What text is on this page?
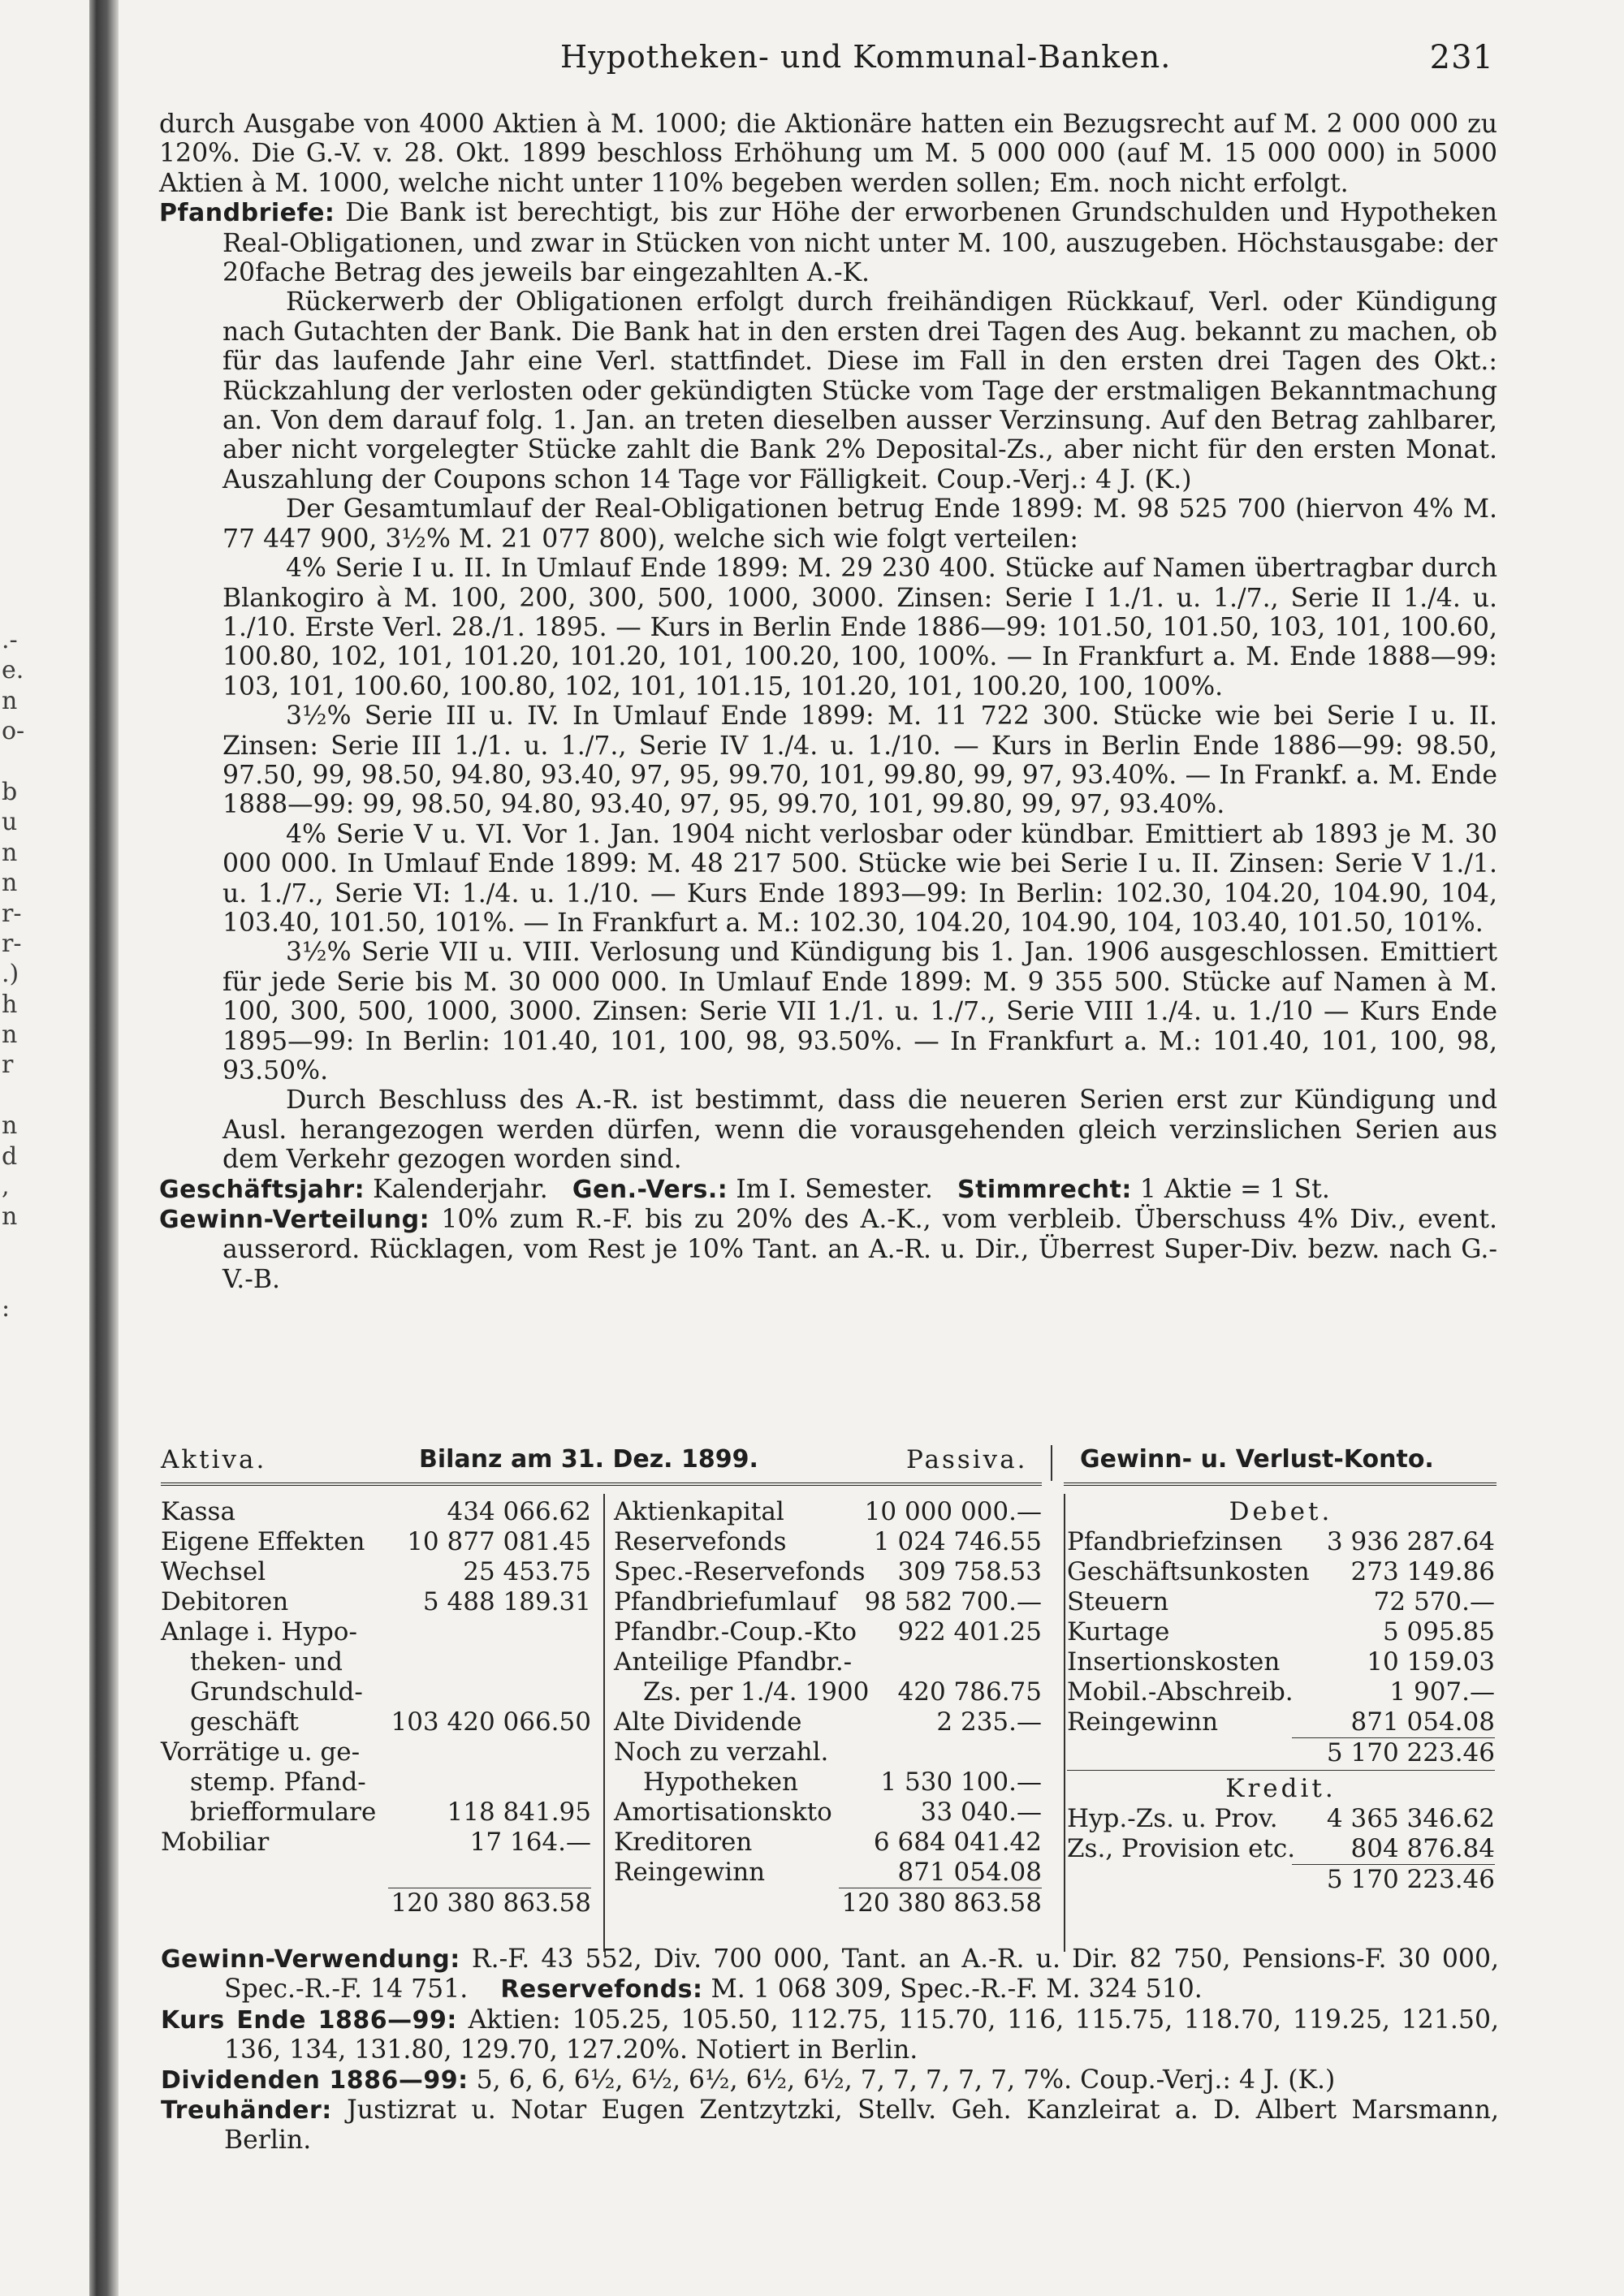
.-
e.
n
o-
b
u
n
n
r-
r-
.)
h
n
r
n
d
,
n
:
Hypotheken- und Kommunal-Banken.	231

durch Ausgabe von 4000 Aktien à M. 1000; die Aktionäre hatten ein Bezugsrecht auf M. 2 000 000 zu 120%. Die G.-V. v. 28. Okt. 1899 beschloss Erhöhung um M. 5 000 000 (auf M. 15 000 000) in 5000 Aktien à M. 1000, welche nicht unter 110% begeben werden sollen; Em. noch nicht erfolgt.

Pfandbriefe: Die Bank ist berechtigt, bis zur Höhe der erworbenen Grundschulden und Hypotheken Real-Obligationen, und zwar in Stücken von nicht unter M. 100, auszugeben. Höchstausgabe: der 20fache Betrag des jeweils bar eingezahlten A.-K.

Rückerwerb der Obligationen erfolgt durch freihändigen Rückkauf, Verl. oder Kündigung nach Gutachten der Bank. Die Bank hat in den ersten drei Tagen des Aug. bekannt zu machen, ob für das laufende Jahr eine Verl. stattfindet. Diese im Fall in den ersten drei Tagen des Okt.: Rückzahlung der verlosten oder gekündigten Stücke vom Tage der erstmaligen Bekanntmachung an. Von dem darauf folg. 1. Jan. an treten dieselben ausser Verzinsung. Auf den Betrag zahlbarer, aber nicht vorgelegter Stücke zahlt die Bank 2% Deposital-Zs., aber nicht für den ersten Monat. Auszahlung der Coupons schon 14 Tage vor Fälligkeit. Coup.-Verj.: 4 J. (K.)

Der Gesamtumlauf der Real-Obligationen betrug Ende 1899: M. 98 525 700 (hiervon 4% M. 77 447 900, 3½% M. 21 077 800), welche sich wie folgt verteilen:

4% Serie I u. II. In Umlauf Ende 1899: M. 29 230 400. Stücke auf Namen übertragbar durch Blankogiro à M. 100, 200, 300, 500, 1000, 3000. Zinsen: Serie I 1./1. u. 1./7., Serie II 1./4. u. 1./10. Erste Verl. 28./1. 1895. — Kurs in Berlin Ende 1886—99: 101.50, 101.50, 103, 101, 100.60, 100.80, 102, 101, 101.20, 101.20, 101, 100.20, 100, 100%. — In Frankfurt a. M. Ende 1888—99: 103, 101, 100.60, 100.80, 102, 101, 101.15, 101.20, 101, 100.20, 100, 100%.

3½% Serie III u. IV. In Umlauf Ende 1899: M. 11 722 300. Stücke wie bei Serie I u. II. Zinsen: Serie III 1./1. u. 1./7., Serie IV 1./4. u. 1./10. — Kurs in Berlin Ende 1886—99: 98.50, 97.50, 99, 98.50, 94.80, 93.40, 97, 95, 99.70, 101, 99.80, 99, 97, 93.40%. — In Frankf. a. M. Ende 1888—99: 99, 98.50, 94.80, 93.40, 97, 95, 99.70, 101, 99.80, 99, 97, 93.40%.

4% Serie V u. VI. Vor 1. Jan. 1904 nicht verlosbar oder kündbar. Emittiert ab 1893 je M. 30 000 000. In Umlauf Ende 1899: M. 48 217 500. Stücke wie bei Serie I u. II. Zinsen: Serie V 1./1. u. 1./7., Serie VI: 1./4. u. 1./10. — Kurs Ende 1893—99: In Berlin: 102.30, 104.20, 104.90, 104, 103.40, 101.50, 101%. — In Frankfurt a. M.: 102.30, 104.20, 104.90, 104, 103.40, 101.50, 101%.

3½% Serie VII u. VIII. Verlosung und Kündigung bis 1. Jan. 1906 ausgeschlossen. Emittiert für jede Serie bis M. 30 000 000. In Umlauf Ende 1899: M. 9 355 500. Stücke auf Namen à M. 100, 300, 500, 1000, 3000. Zinsen: Serie VII 1./1. u. 1./7., Serie VIII 1./4. u. 1./10 — Kurs Ende 1895—99: In Berlin: 101.40, 101, 100, 98, 93.50%. — In Frankfurt a. M.: 101.40, 101, 100, 98, 93.50%.

Durch Beschluss des A.-R. ist bestimmt, dass die neueren Serien erst zur Kündigung und Ausl. herangezogen werden dürfen, wenn die vorausgehenden gleich verzinslichen Serien aus dem Verkehr gezogen worden sind.

Geschäftsjahr: Kalenderjahr. Gen.-Vers.: Im I. Semester. Stimmrecht: 1 Aktie = 1 St.

Gewinn-Verteilung: 10% zum R.-F. bis zu 20% des A.-K., vom verbleib. Überschuss 4% Div., event. ausserord. Rücklagen, vom Rest je 10% Tant. an A.-R. u. Dir., Überrest Super-Div. bezw. nach G.-V.-B.

Aktiva.	Bilanz am 31. Dez. 1899.	Passiva. Gewinn- u. Verlust-Konto.
Kassa	434 066.62
Eigene Effekten 10 877 081.45
Wechsel	25 453.75
Debitoren	5 488 189.31
Anlage i. Hypo-
theken- und
Grundschuld-
geschäft	103 420 066.50
Vorrätige u. ge-
stemp. Pfand-
briefformulare	118 841.95
Mobiliar	17 164.—
120 380 863.58
Aktienkapital	10 000 000.—
Reservefonds	1 024 746.55
Spec.-Reservefonds 309 758.53
Pfandbriefumlauf 98 582 700.—
Pfandbr.-Coup.-Kto 922 401.25
Anteilige Pfandbr.-
Zs. per 1./4. 1900 420 786.75
Alte Dividende	2 235.—
Noch zu verzahl.
Hypotheken	1 530 100.—
Amortisationskto	33 040.—
Kreditoren	6 684 041.42
Reingewinn	871 054.08
120 380 863.58
Debet.
Pfandbriefzinsen 3 936 287.64
Geschäftsunkosten 273 149.86
Steuern	72 570.—
Kurtage	5 095.85
Insertionskosten	10 159.03
Mobil.-Abschreib.	1 907.—
Reingewinn	871 054.08
5 170 223.46
Kredit.
Hyp.-Zs. u. Prov. 4 365 346.62
Zs., Provision etc. 804 876.84
5 170 223.46

Gewinn-Verwendung: R.-F. 43 552, Div. 700 000, Tant. an A.-R. u. Dir. 82 750, Pensions-F. 30 000, Spec.-R.-F. 14 751. Reservefonds: M. 1 068 309, Spec.-R.-F. M. 324 510.

Kurs Ende 1886—99: Aktien: 105.25, 105.50, 112.75, 115.70, 116, 115.75, 118.70, 119.25, 121.50, 136, 134, 131.80, 129.70, 127.20%. Notiert in Berlin.

Dividenden 1886—99: 5, 6, 6, 6½, 6½, 6½, 6½, 6½, 7, 7, 7, 7, 7, 7%. Coup.-Verj.: 4 J. (K.)

Treuhänder: Justizrat u. Notar Eugen Zentzytzki, Stellv. Geh. Kanzleirat a. D. Albert Marsmann, Berlin.
